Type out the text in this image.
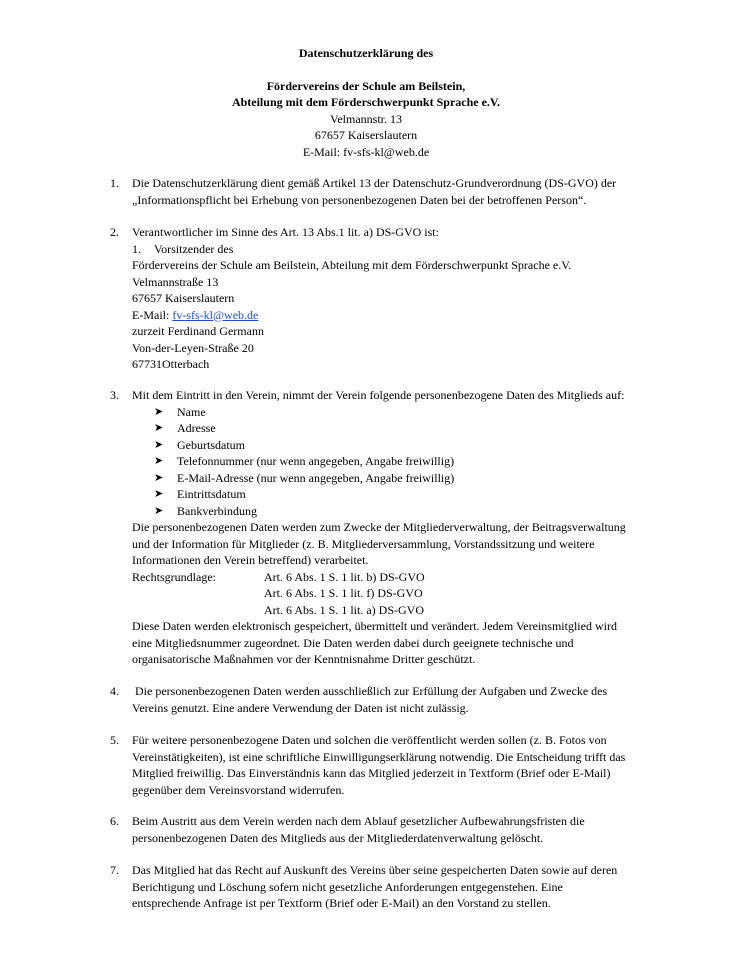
Datenschutzerklärung des
Fördervereins der Schule am Beilstein,
Abteilung mit dem Förderschwerpunkt Sprache e.V.
Velmannstr. 13
67657 Kaiserslautern
E-Mail: fv-sfs-kl@web.de
1. Die Datenschutzerklärung dient gemäß Artikel 13 der Datenschutz-Grundverordnung (DS-GVO) der
„Informationspflicht bei Erhebung von personenbezogenen Daten bei der betroffenen Person“.
2. Verantwortlicher im Sinne des Art. 13 Abs.1 lit. a) DS-GVO ist:
1. Vorsitzender des
Fördervereins der Schule am Beilstein, Abteilung mit dem Förderschwerpunkt Sprache e.V.
Velmannstraße 13
67657 Kaiserslautern
E-Mail: fv-sfs-kl@web.de
zurzeit Ferdinand Germann
Von-der-Leyen-Straße 20
67731Otterbach
3. Mit dem Eintritt in den Verein, nimmt der Verein folgende personenbezogene Daten des Mitglieds auf:
➤ Name
➤ Adresse
➤ Geburtsdatum
➤ Telefonnummer (nur wenn angegeben, Angabe freiwillig)
➤ E-Mail-Adresse (nur wenn angegeben, Angabe freiwillig)
➤ Eintrittsdatum
➤ Bankverbindung
Die personenbezogenen Daten werden zum Zwecke der Mitgliederverwaltung, der Beitragsverwaltung
und der Information für Mitglieder (z. B. Mitgliederversammlung, Vorstandssitzung und weitere
Informationen den Verein betreffend) verarbeitet.
Rechtsgrundlage:	Art. 6 Abs. 1 S. 1 lit. b) DS-GVO
Art. 6 Abs. 1 S. 1 lit. f) DS-GVO
Art. 6 Abs. 1 S. 1 lit. a) DS-GVO
Diese Daten werden elektronisch gespeichert, übermittelt und verändert. Jedem Vereinsmitglied wird
eine Mitgliedsnummer zugeordnet. Die Daten werden dabei durch geeignete technische und
organisatorische Maßnahmen vor der Kenntnisnahme Dritter geschützt.
4. Die personenbezogenen Daten werden ausschließlich zur Erfüllung der Aufgaben und Zwecke des
Vereins genutzt. Eine andere Verwendung der Daten ist nicht zulässig.
5. Für weitere personenbezogene Daten und solchen die veröffentlicht werden sollen (z. B. Fotos von
Vereinstätigkeiten), ist eine schriftliche Einwilligungserklärung notwendig. Die Entscheidung trifft das
Mitglied freiwillig. Das Einverständnis kann das Mitglied jederzeit in Textform (Brief oder E-Mail)
gegenüber dem Vereinsvorstand widerrufen.
6. Beim Austritt aus dem Verein werden nach dem Ablauf gesetzlicher Aufbewahrungsfristen die
personenbezogenen Daten des Mitglieds aus der Mitgliederdatenverwaltung gelöscht.
7. Das Mitglied hat das Recht auf Auskunft des Vereins über seine gespeicherten Daten sowie auf deren
Berichtigung und Löschung sofern nicht gesetzliche Anforderungen entgegenstehen. Eine
entsprechende Anfrage ist per Textform (Brief oder E-Mail) an den Vorstand zu stellen.
